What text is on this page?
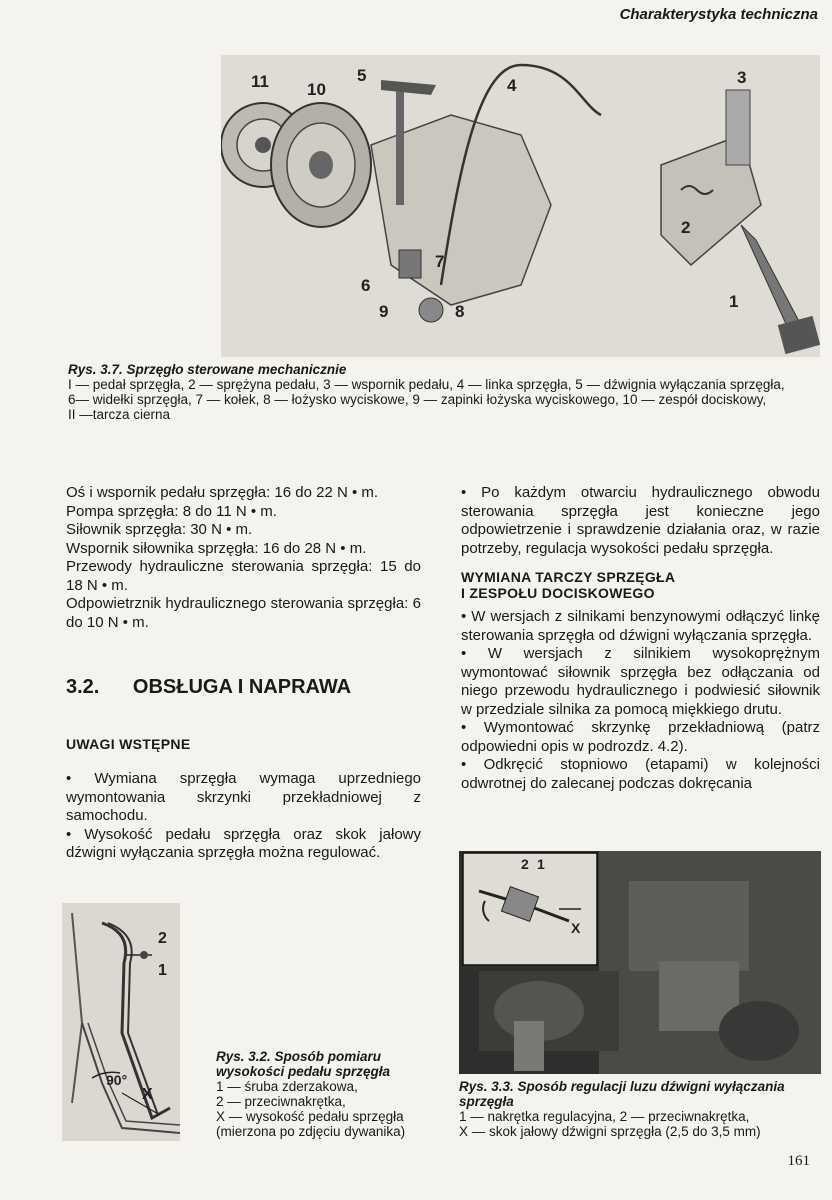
Charakterystyka techniczna
11 10
5
4	3
2
1
6
7
9	8
Rys. 3.7. Sprzęgło sterowane mechanicznie
I — pedał sprzęgła, 2 — sprężyna pedału, 3 — wspornik pedału, 4 — linka sprzęgła, 5 — dźwignia wyłączania sprzęgła,
6— widełki sprzęgła, 7 — kołek, 8 — łożysko wyciskowe, 9 — zapinki łożyska wyciskowego, 10 — zespół dociskowy,
II —tarcza cierna

Oś i wspornik pedału sprzęgła: 16 do 22 N • m.

Pompa sprzęgła: 8 do 11 N • m.

Siłownik sprzęgła: 30 N • m.

Wspornik siłownika sprzęgła: 16 do 28 N • m.

Przewody hydrauliczne sterowania sprzęgła: 15 do 18 N • m.

Odpowietrznik hydraulicznego sterowania sprzęgła: 6 do 10 N • m.

3.2. OBSŁUGA I NAPRAWA
UWAGI WSTĘPNE

• Wymiana sprzęgła wymaga uprzedniego wymontowania skrzynki przekładniowej z samochodu.

• Wysokość pedału sprzęgła oraz skok jałowy dźwigni wyłączania sprzęgła można regulować.

• Po każdym otwarciu hydraulicznego obwodu sterowania sprzęgła jest konieczne jego odpowietrzenie i sprawdzenie działania oraz, w razie potrzeby, regulacja wysokości pedału sprzęgła.
WYMIANA TARCZY SPRZĘGŁA
I ZESPOŁU DOCISKOWEGO

• W wersjach z silnikami benzynowymi odłączyć linkę sterowania sprzęgła od dźwigni wyłączania sprzęgła.

• W wersjach z silnikiem wysokoprężnym wymontować siłownik sprzęgła bez odłączania od niego przewodu hydraulicznego i podwiesić siłownik w przedziale silnika za pomocą miękkiego drutu.

• Wymontować skrzynkę przekładniową (patrz odpowiedni opis w podrozdz. 4.2).

• Odkręcić stopniowo (etapami) w kolejności odwrotnej do zalecanej podczas dokręcania

2
1
90°
X
Rys. 3.2. Sposób pomiaru wysokości pedału sprzęgła
1 — śruba zderzakowa,
2 — przeciwnakrętka,
X — wysokość pedału sprzęgła
(mierzona po zdjęciu dywanika)
2 1
X
Rys. 3.3. Sposób regulacji luzu dźwigni wyłączania sprzęgła
1 — nakrętka regulacyjna, 2 — przeciwnakrętka,
X — skok jałowy dźwigni sprzęgła (2,5 do 3,5 mm)
161
